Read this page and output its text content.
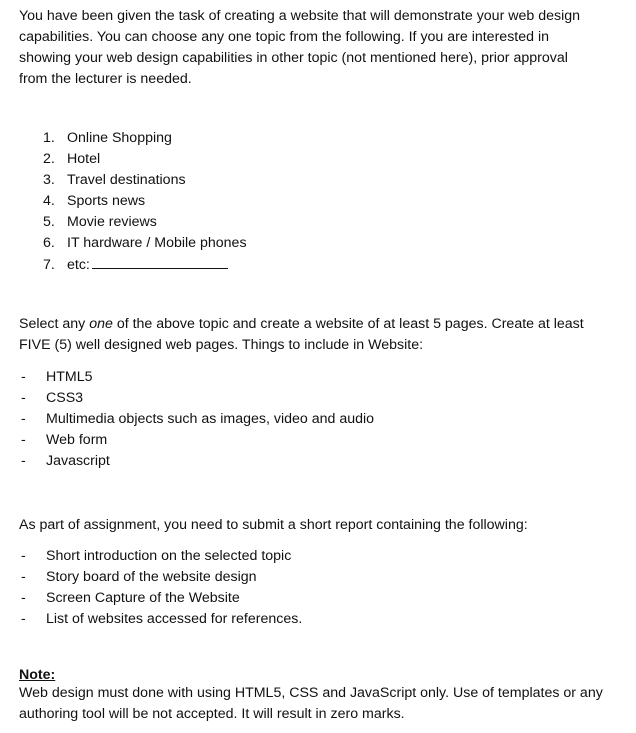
You have been given the task of creating a website that will demonstrate your web design

capabilities. You can choose any one topic from the following. If you are interested in

showing your web design capabilities in other topic (not mentioned here), prior approval

from the lecturer is needed.

1. Online Shopping
2. Hotel
3. Travel destinations
4. Sports news
5. Movie reviews
6. IT hardware / Mobile phones
7. etc:

Select any one of the above topic and create a website of at least 5 pages. Create at least

FIVE (5) well designed web pages. Things to include in Website:

- HTML5
- CSS3
- Multimedia objects such as images, video and audio
- Web form
- Javascript

As part of assignment, you need to submit a short report containing the following:

- Short introduction on the selected topic
- Story board of the website design
- Screen Capture of the Website
- List of websites accessed for references.
Note:

Web design must done with using HTML5, CSS and JavaScript only. Use of templates or any

authoring tool will be not accepted. It will result in zero marks.
